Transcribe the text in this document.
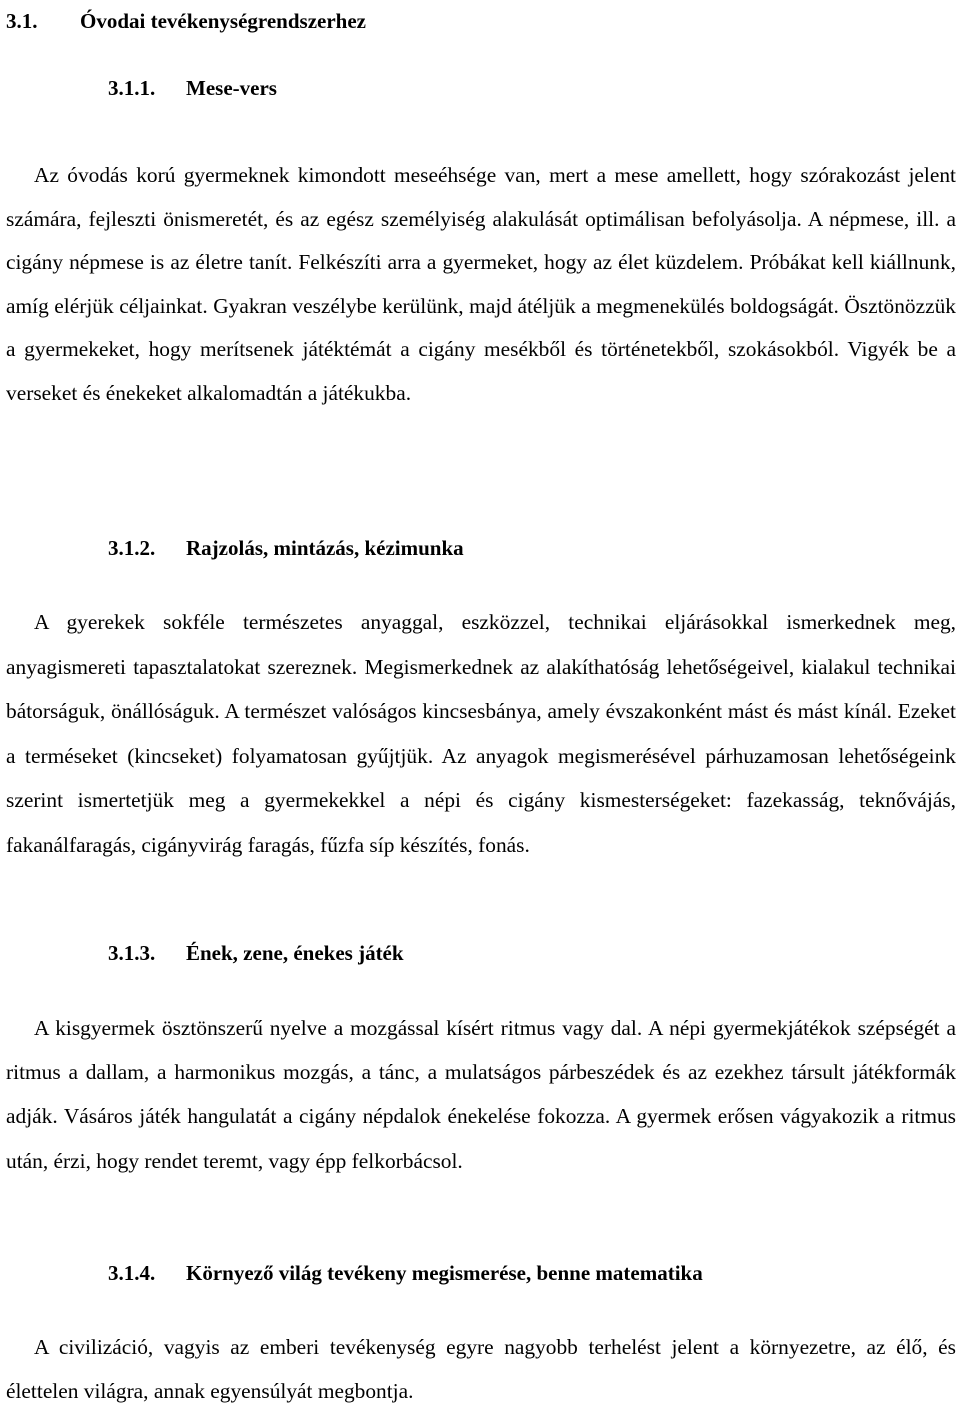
3.1. Óvodai tevékenységrendszerhez
3.1.1. Mese-vers
Az óvodás korú gyermeknek kimondott meseéhsége van, mert a mese amellett, hogy szórakozást jelent számára, fejleszti önismeretét, és az egész személyiség alakulását optimálisan befolyásolja. A népmese, ill. a cigány népmese is az életre tanít. Felkészíti arra a gyermeket, hogy az élet küzdelem. Próbákat kell kiállnunk, amíg elérjük céljainkat. Gyakran veszélybe kerülünk, majd átéljük a megmenekülés boldogságát. Ösztönözzük a gyermekeket, hogy merítsenek játéktémát a cigány mesékből és történetekből, szokásokból. Vigyék be a verseket és énekeket alkalomadtán a játékukba.
3.1.2. Rajzolás, mintázás, kézimunka
A gyerekek sokféle természetes anyaggal, eszközzel, technikai eljárásokkal ismerkednek meg, anyagismereti tapasztalatokat szereznek. Megismerkednek az alakíthatóság lehetőségeivel, kialakul technikai bátorságuk, önállóságuk. A természet valóságos kincsesbánya, amely évszakonként mást és mást kínál. Ezeket a terméseket (kincseket) folyamatosan gyűjtjük. Az anyagok megismerésével párhuzamosan lehetőségeink szerint ismertetjük meg a gyermekekkel a népi és cigány kismesterségeket: fazekasság, teknővájás, fakanálfaragás, cigányvirág faragás, fűzfa síp készítés, fonás.
3.1.3. Ének, zene, énekes játék
A kisgyermek ösztönszerű nyelve a mozgással kísért ritmus vagy dal. A népi gyermekjátékok szépségét a ritmus a dallam, a harmonikus mozgás, a tánc, a mulatságos párbeszédek és az ezekhez társult játékformák adják. Vásáros játék hangulatát a cigány népdalok énekelése fokozza. A gyermek erősen vágyakozik a ritmus után, érzi, hogy rendet teremt, vagy épp felkorbácsol.
3.1.4. Környező világ tevékeny megismerése, benne matematika
A civilizáció, vagyis az emberi tevékenység egyre nagyobb terhelést jelent a környezetre, az élő, és élettelen világra, annak egyensúlyát megbontja.
